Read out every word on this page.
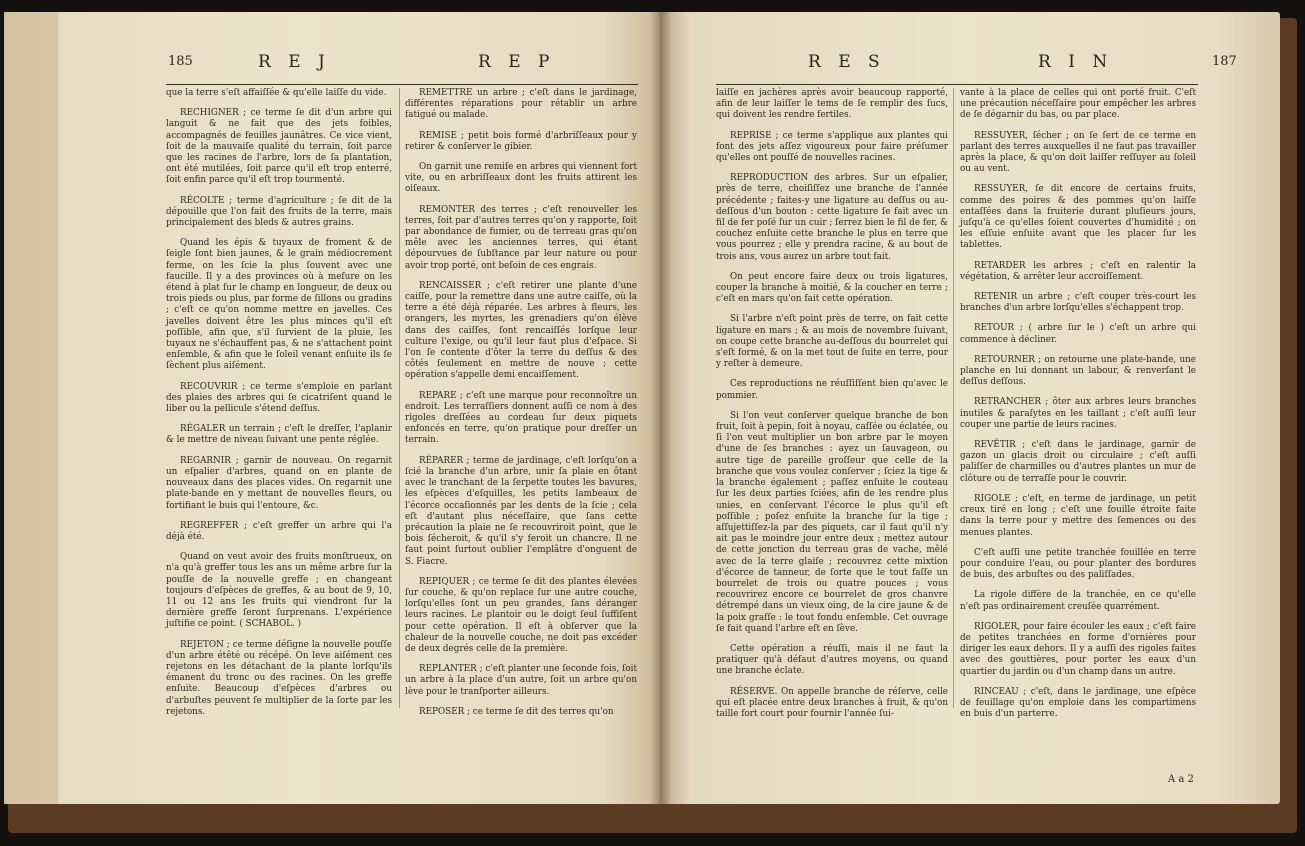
185	R E J	R E P	R E S	R I N	187

que la terre s'eſt affaiſſée & qu'elle laiſſe du vide.

RECHIGNER ; ce terme ſe dit d'un arbre qui languit & ne fait que des jets foibles, accompagnés de feuilles jaunâtres. Ce vice vient, ſoit de la mauvaiſe qualité du terrain, ſoit parce que les racines de l'arbre, lors de ſa plantation, ont été mutilées, ſoit parce qu'il eſt trop enterré, ſoit enfin parce qu'il eſt trop tourmenté.

RÉCOLTE ; terme d'agriculture ; ſe dit de la dépouille que l'on fait des fruits de la terre, mais principalement des bleds & autres grains.

Quand les épis & tuyaux de froment & de ſeigle ſont bien jaunes, & le grain médiocrement ferme, on les ſcie la plus ſouvent avec une faucille. Il y a des provinces où à meſure on les étend à plat ſur le champ en longueur, de deux ou trois pieds ou plus, par forme de ſillons ou gradins ; c'eſt ce qu'on nomme mettre en javelles. Ces javelles doivent être les plus minces qu'il eſt poſſible, afin que, s'il ſurvient de la pluie, les tuyaux ne s'échauffent pas, & ne s'attachent point enſemble, & afin que le ſoleil venant enſuite ils ſe ſèchent plus aiſément.

RECOUVRIR ; ce terme s'emploie en parlant des plaies des arbres qui ſe cicatriſent quand le liber ou la pellicule s'étend deſſus.

RÉGALER un terrain ; c'eſt le dreſſer, l'aplanir & le mettre de niveau ſuivant une pente réglée.

REGARNIR ; garnir de nouveau. On regarnit un eſpalier d'arbres, quand on en plante de nouveaux dans des places vides. On regarnit une plate-bande en y mettant de nouvelles fleurs, ou fortifiant le buis qui l'entoure, &c.

REGREFFER ; c'eſt greffer un arbre qui l'a déjà été.

Quand on veut avoir des fruits monſtrueux, on n'a qu'à greffer tous les ans un même arbre ſur la pouſſe de la nouvelle greffe ; en changeant toujours d'eſpèces de greffes, & au bout de 9, 10, 11 ou 12 ans les fruits qui viendront ſur la dernière greffe ſeront ſurprenans. L'expérience juſtifie ce point. ( SCHABOL. )

REJETON ; ce terme déſigne la nouvelle pouſſe d'un arbre étêté ou récépé. On leve aiſément ces rejetons en les détachant de la plante lorſqu'ils émanent du tronc ou des racines. On les greffe enſuite. Beaucoup d'eſpèces d'arbres ou d'arbuſtes peuvent ſe multiplier de la ſorte par les rejetons.

REMETTRE un arbre ; c'eſt dans le jardinage, différentes réparations pour rétablir un arbre fatigué ou malade.

REMISE ; petit bois formé d'arbriſſeaux pour y retirer & conſerver le gibier.

On garnit une remiſe en arbres qui viennent fort vite, ou en arbriſſeaux dont les fruits attirent les oiſeaux.

REMONTER des terres ; c'eſt renouveller les terres, ſoit par d'autres terres qu'on y rapporte, ſoit par abondance de fumier, ou de terreau gras qu'on mêle avec les anciennes terres, qui étant dépourvues de ſubſtance par leur nature ou pour avoir trop porté, ont beſoin de ces engrais.

RENCAISSER ; c'eſt retirer une plante d'une caiſſe, pour la remettre dans une autre caiſſe, où la terre a été déjà réparée. Les arbres à fleurs, les orangers, les myrtes, les grenadiers qu'on élève dans des caiſſes, ſont rencaiſſés lorſque leur culture l'exige, ou qu'il leur faut plus d'eſpace. Si l'on ſe contente d'ôter la terre du deſſus & des côtés ſeulement en mettre de nouve ; cette opération s'appelle demi encaiſſement.

REPARE ; c'eſt une marque pour reconnoître un endroit. Les terraſſiers donnent auſſi ce nom à des rigoles dreſſées au cordeau ſur deux piquets enfoncés en terre, qu'on pratique pour dreſſer un terrain.

RÉPARER ; terme de jardinage, c'eſt lorſqu'on a ſcié la branche d'un arbre, unir ſa plaie en ôtant avec le tranchant de la ſerpette toutes les bavures, les eſpèces d'eſquilles, les petits lambeaux de l'écorce occaſionnés par les dents de la ſcie ; cela eſt d'autant plus néceſſaire, que ſans cette précaution la plaie ne ſe recouvriroit point, que le bois ſécheroit, & qu'il s'y feroit un chancre. Il ne faut point ſurtout oublier l'emplâtre d'onguent de S. Fiacre.

REPIQUER ; ce terme ſe dit des plantes élevées ſur couche, & qu'on replace ſur une autre couche, lorſqu'elles ſont un peu grandes, ſans déranger leurs racines. Le plantoir ou le doigt ſeul ſuffiſent pour cette opération. Il eſt à obſerver que la chaleur de la nouvelle couche, ne doit pas excéder de deux degrés celle de la première.

REPLANTER ; c'eſt planter une ſeconde fois, ſoit un arbre à la place d'un autre, ſoit un arbre qu'on lève pour le tranſporter ailleurs.

REPOSER ; ce terme ſe dit des terres qu'on

laiſſe en jachères après avoir beaucoup rapporté, afin de leur laiſſer le tems de ſe remplir des ſucs, qui doivent les rendre fertiles.

REPRISE ; ce terme s'applique aux plantes qui font des jets aſſez vigoureux pour faire préſumer qu'elles ont pouſſé de nouvelles racines.

REPRODUCTION des arbres. Sur un eſpalier, près de terre, choiſiſſez une branche de l'année précédente ; faites-y une ligature au deſſus ou au-deſſous d'un bouton : cette ligature ſe fait avec un fil de fer poſé ſur un cuir ; ſerrez bien le fil de fer, & couchez enſuite cette branche le plus en terre que vous pourrez ; elle y prendra racine, & au bout de trois ans, vous aurez un arbre tout fait.

On peut encore faire deux ou trois ligatures, couper la branche à moitié, & la coucher en terre ; c'eſt en mars qu'on fait cette opération.

Si l'arbre n'eſt point près de terre, on fait cette ligature en mars ; & au mois de novembre ſuivant, on coupe cette branche au-deſſous du bourrelet qui s'eſt formé, & on la met tout de ſuite en terre, pour y reſter à demeure.

Ces reproductions ne réuſſiſſent bien qu'avec le pommier.

Si l'on veut conſerver quelque branche de bon fruit, ſoit à pepin, ſoit à noyau, caſſée ou éclatée, ou ſi l'on veut multiplier un bon arbre par le moyen d'une de ſes branches : ayez un ſauvageon, ou autre tige de pareille groſſeur que celle de la branche que vous voulez conſerver ; ſciez la tige & la branche également ; paſſez enſuite le couteau ſur les deux parties ſciées, afin de les rendre plus unies, en conſervant l'écorce le plus qu'il eſt poſſible ; poſez enſuite la branche ſur la tige ; aſſujettiſſez-la par des piquets, car il faut qu'il n'y ait pas le moindre jour entre deux ; mettez autour de cette jonction du terreau gras de vache, mêlé avec de la terre glaiſe ; recouvrez cette mixtion d'écorce de tanneur, de ſorte que le tout faſſe un bourrelet de trois ou quatre pouces ; vous recouvrirez encore ce bourrelet de gros chanvre détrempé dans un vieux oing, de la cire jaune & de la poix graſſe : le tout fondu enſemble. Cet ouvrage ſe fait quand l'arbre eſt en ſève.

Cette opération a réuſſi, mais il ne faut la pratiquer qu'à défaut d'autres moyens, ou quand une branche éclate.

RÉSERVE. On appelle branche de réſerve, celle qui eſt placée entre deux branches à fruit, & qu'on taille fort court pour fournir l'année ſui-

vante à la place de celles qui ont porté fruit. C'eſt une précaution néceſſaire pour empêcher les arbres de ſe dégarnir du bas, ou par place.

RESSUYER, ſécher ; on ſe ſert de ce terme en parlant des terres auxquelles il ne faut pas travailler après la place, & qu'on doit laiſſer reſſuyer au ſoleil ou au vent.

RESSUYER, ſe dit encore de certains fruits, comme des poires & des pommes qu'on laiſſe entaſſées dans la fruiterie durant pluſieurs jours, juſqu'à ce qu'elles ſoient couvertes d'humidité ; on les eſſuie enſuite avant que les placer ſur les tablettes.

RETARDER les arbres ; c'eſt en ralentir la végétation, & arrêter leur accroiſſement.

RETENIR un arbre ; c'eſt couper très-court les branches d'un arbre lorſqu'elles s'échappent trop.

RETOUR ; ( arbre ſur le ) c'eſt un arbre qui commence à décliner.

RETOURNER ; on retourne une plate-bande, une planche en lui donnant un labour, & renverſant le deſſus deſſous.

RETRANCHER ; ôter aux arbres leurs branches inutiles & paraſytes en les taillant ; c'eſt auſſi leur couper une partie de leurs racines.

REVÊTIR ; c'eſt dans le jardinage, garnir de gazon un glacis droit ou circulaire ; c'eſt auſſi paliſſer de charmilles ou d'autres plantes un mur de clôture ou de terraſſe pour le couvrir.

RIGOLE ; c'eſt, en terme de jardinage, un petit creux tiré en long ; c'eſt une fouille étroite faite dans la terre pour y mettre des ſemences ou des menues plantes.

C'eſt auſſi une petite tranchée fouillée en terre pour conduire l'eau, ou pour planter des bordures de buis, des arbuſtes ou des paliſſades.

La rigole diffère de la tranchée, en ce qu'elle n'eſt pas ordinairement creuſée quarrément.

RIGOLER, pour faire écouler les eaux ; c'eſt faire de petites tranchées en forme d'ornières pour diriger les eaux dehors. Il y a auſſi des rigoles faites avec des gouttières, pour porter les eaux d'un quartier du jardin ou d'un champ dans un autre.

RINCEAU ; c'eſt, dans le jardinage, une eſpèce de feuillage qu'on emploie dans les compartimens en buis d'un parterre.

A a 2
